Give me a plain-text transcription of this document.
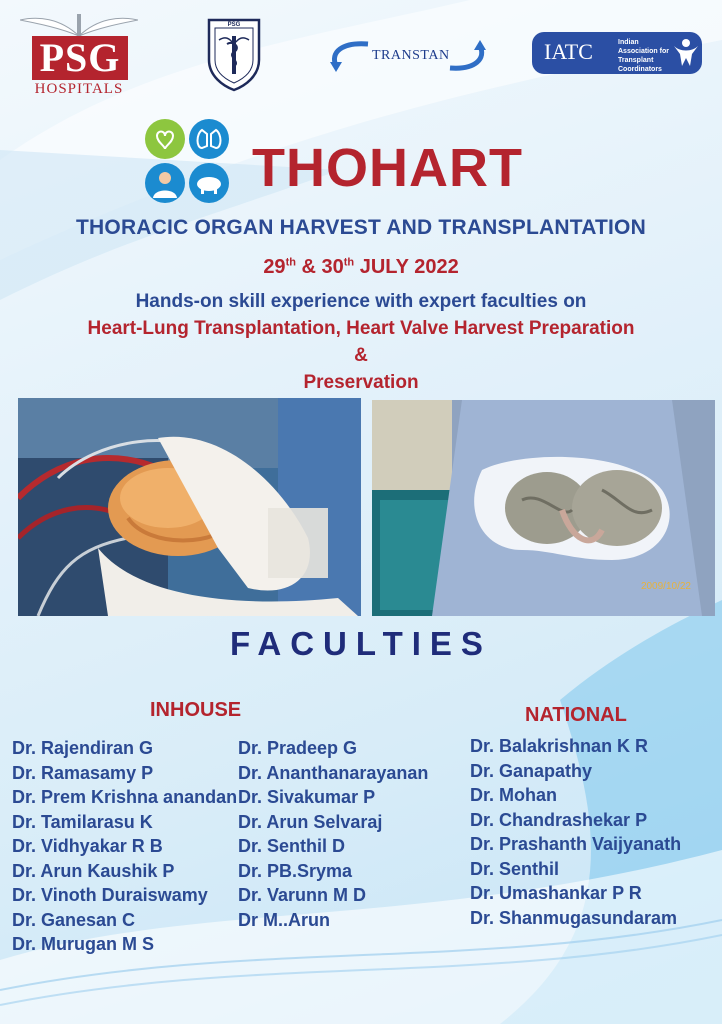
PSG
HOSPITALS
PSG
TRANSTAN	IATC	Indian Association for Transplant Coordinators
THOHART
THORACIC ORGAN HARVEST AND TRANSPLANTATION
29th & 30th JULY 2022
Hands-on skill experience with expert faculties on
Heart-Lung Transplantation, Heart Valve Harvest Preparation
&
Preservation
2009/10/22
FACULTIES
INHOUSE	NATIONAL
Dr. Rajendiran G
Dr. Ramasamy P
Dr. Prem Krishna anandan
Dr. Tamilarasu K
Dr. Vidhyakar R B
Dr. Arun Kaushik P
Dr. Vinoth Duraiswamy
Dr. Ganesan C
Dr. Murugan M S
Dr. Pradeep G
Dr. Ananthanarayanan
Dr. Sivakumar P
Dr. Arun Selvaraj
Dr. Senthil D
Dr. PB.Sryma
Dr. Varunn M D
Dr M..Arun
Dr. Balakrishnan K R
Dr. Ganapathy
Dr. Mohan
Dr. Chandrashekar P
Dr. Prashanth Vaijyanath
Dr. Senthil
Dr. Umashankar P R
Dr. Shanmugasundaram
